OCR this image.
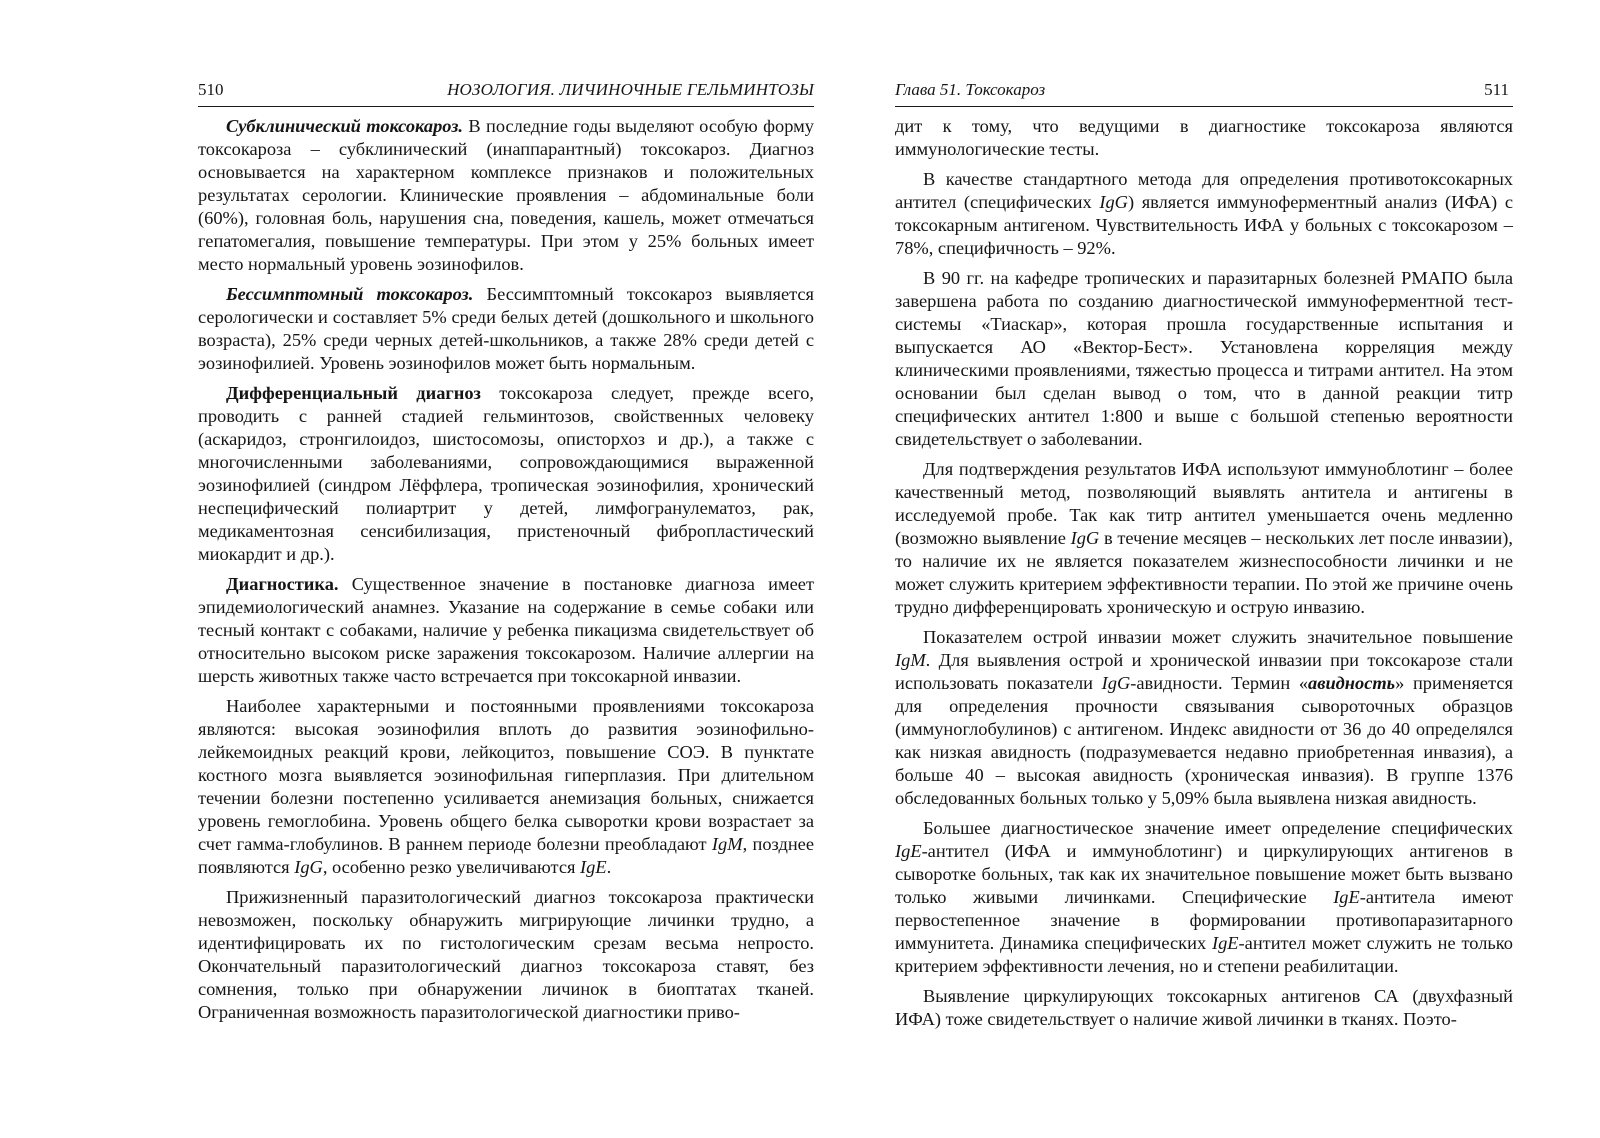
510	НОЗОЛОГИЯ. ЛИЧИНОЧНЫЕ ГЕЛЬМИНТОЗЫ

Субклинический токсокароз. В последние годы выделяют особую форму токсокароза – субклинический (инаппарантный) токсокароз. Диагноз основывается на характерном комплексе признаков и положительных результатах серологии. Клинические проявления – абдоминальные боли (60%), головная боль, нарушения сна, поведения, кашель, может отмечаться гепатомегалия, повышение температуры. При этом у 25% больных имеет место нормальный уровень эозинофилов.

Бессимптомный токсокароз. Бессимптомный токсокароз выявляется серологически и составляет 5% среди белых детей (дошкольного и школьного возраста), 25% среди черных детей-школьников, а также 28% среди детей с эозинофилией. Уровень эозинофилов может быть нормальным.

Дифференциальный диагноз токсокароза следует, прежде всего, проводить с ранней стадией гельминтозов, свойственных человеку (аскаридоз, стронгилоидоз, шистосомозы, описторхоз и др.), а также с многочисленными заболеваниями, сопровождающимися выраженной эозинофилией (синдром Лёффлера, тропическая эозинофилия, хронический неспецифический полиартрит у детей, лимфогранулематоз, рак, медикаментозная сенсибилизация, пристеночный фибропластический миокардит и др.).

Диагностика. Существенное значение в постановке диагноза имеет эпидемиологический анамнез. Указание на содержание в семье собаки или тесный контакт с собаками, наличие у ребенка пикацизма свидетельствует об относительно высоком риске заражения токсокарозом. Наличие аллергии на шерсть животных также часто встречается при токсокарной инвазии.

Наиболее характерными и постоянными проявлениями токсокароза являются: высокая эозинофилия вплоть до развития эозинофильно-лейкемоидных реакций крови, лейкоцитоз, повышение СОЭ. В пунктате костного мозга выявляется эозинофильная гиперплазия. При длительном течении болезни постепенно усиливается анемизация больных, снижается уровень гемоглобина. Уровень общего белка сыворотки крови возрастает за счет гамма-глобулинов. В раннем периоде болезни преобладают IgM, позднее появляются IgG, особенно резко увеличиваются IgE.

Прижизненный паразитологический диагноз токсокароза практически невозможен, поскольку обнаружить мигрирующие личинки трудно, а идентифицировать их по гистологическим срезам весьма непросто. Окончательный паразитологический диагноз токсокароза ставят, без сомнения, только при обнаружении личинок в биоптатах тканей. Ограниченная возможность паразитологической диагностики приво-

Глава 51. Токсокароз	511

дит к тому, что ведущими в диагностике токсокароза являются иммунологические тесты.

В качестве стандартного метода для определения противотоксокарных антител (специфических IgG) является иммуноферментный анализ (ИФА) с токсокарным антигеном. Чувствительность ИФА у больных с токсокарозом – 78%, специфичность – 92%.

В 90 гг. на кафедре тропических и паразитарных болезней РМАПО была завершена работа по созданию диагностической иммуноферментной тест-системы «Тиаскар», которая прошла государственные испытания и выпускается АО «Вектор-Бест». Установлена корреляция между клиническими проявлениями, тяжестью процесса и титрами антител. На этом основании был сделан вывод о том, что в данной реакции титр специфических антител 1:800 и выше с большой степенью вероятности свидетельствует о заболевании.

Для подтверждения результатов ИФА используют иммуноблотинг – более качественный метод, позволяющий выявлять антитела и антигены в исследуемой пробе. Так как титр антител уменьшается очень медленно (возможно выявление IgG в течение месяцев – нескольких лет после инвазии), то наличие их не является показателем жизнеспособности личинки и не может служить критерием эффективности терапии. По этой же причине очень трудно дифференцировать хроническую и острую инвазию.

Показателем острой инвазии может служить значительное повышение IgM. Для выявления острой и хронической инвазии при токсокарозе стали использовать показатели IgG-авидности. Термин «авидность» применяется для определения прочности связывания сывороточных образцов (иммуноглобулинов) с антигеном. Индекс авидности от 36 до 40 определялся как низкая авидность (подразумевается недавно приобретенная инвазия), а больше 40 – высокая авидность (хроническая инвазия). В группе 1376 обследованных больных только у 5,09% была выявлена низкая авидность.

Большее диагностическое значение имеет определение специфических IgE-антител (ИФА и иммуноблотинг) и циркулирующих антигенов в сыворотке больных, так как их значительное повышение может быть вызвано только живыми личинками. Специфические IgE-антитела имеют первостепенное значение в формировании противопаразитарного иммунитета. Динамика специфических IgE-антител может служить не только критерием эффективности лечения, но и степени реабилитации.

Выявление циркулирующих токсокарных антигенов СА (двухфазный ИФА) тоже свидетельствует о наличие живой личинки в тканях. Поэто-
